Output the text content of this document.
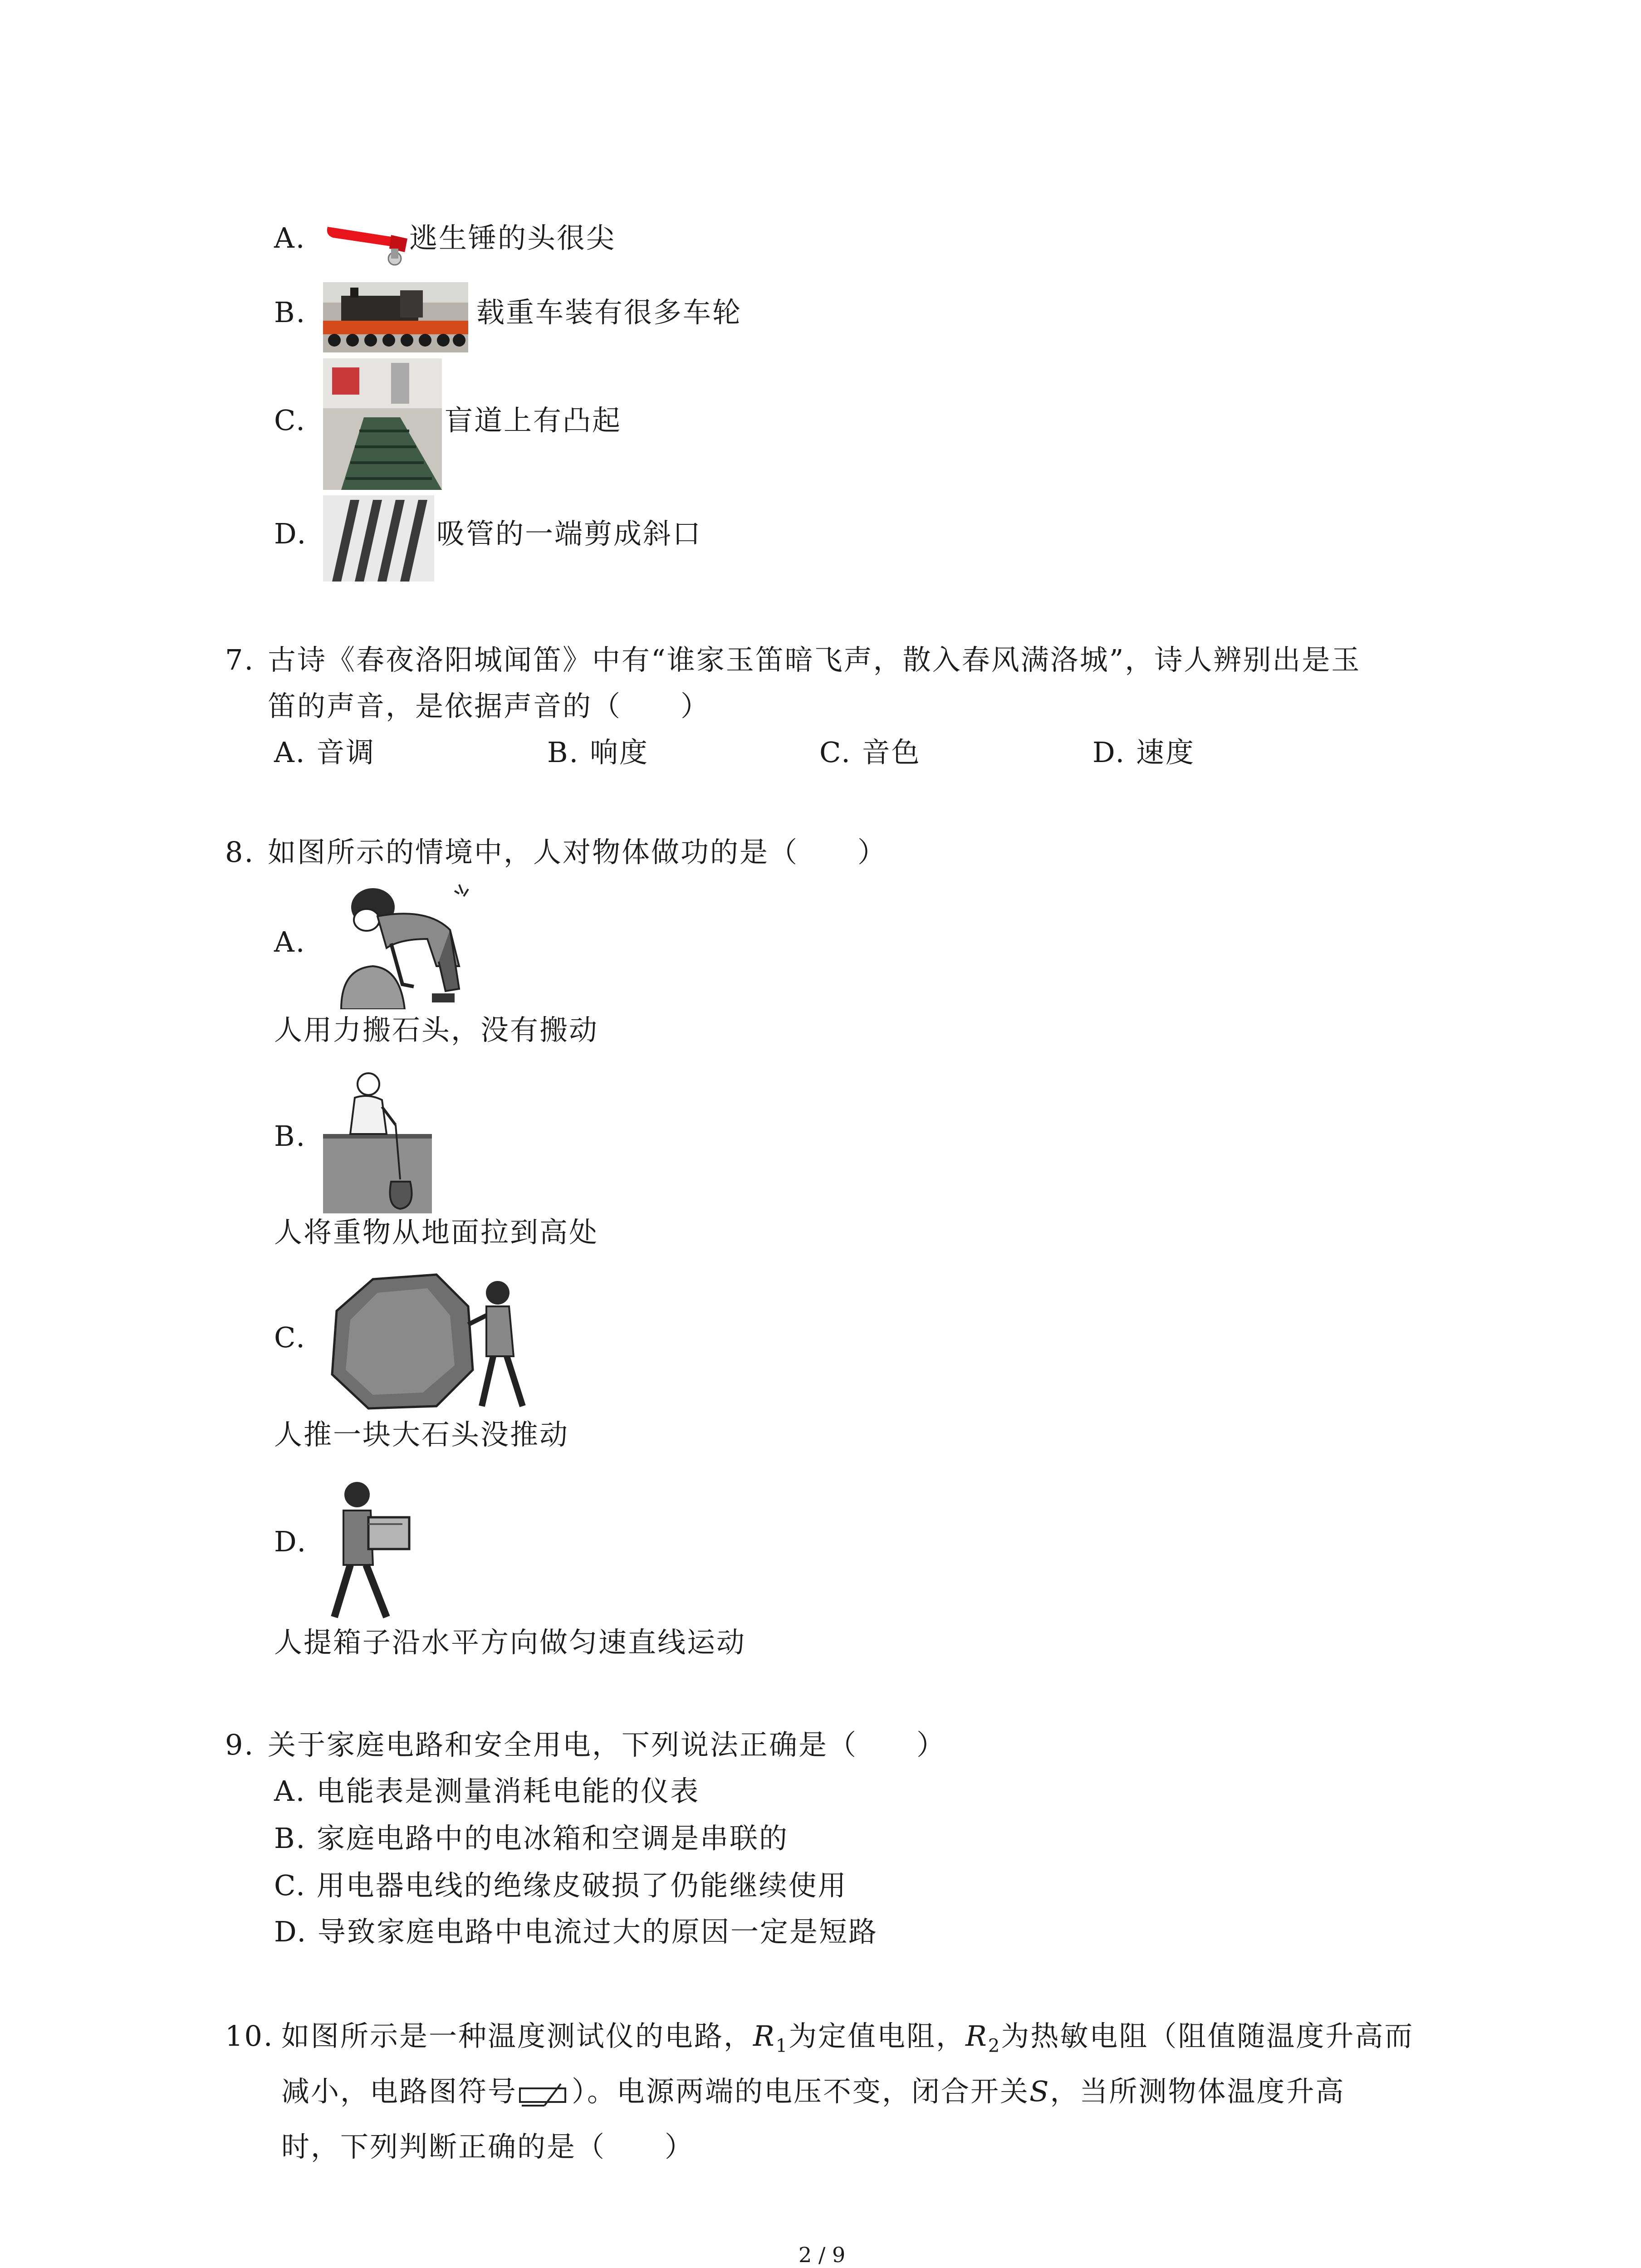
A.	逃生锤的头很尖
B.	载重车装有很多车轮
C.	盲道上有凸起
D.	吸管的一端剪成斜口
7. 古诗《春夜洛阳城闻笛》中有“谁家玉笛暗飞声，散入春风满洛城”，诗人辨别出是玉
笛的声音，是依据声音的（　　）
A. 音调	B. 响度	C. 音色	D. 速度
8. 如图所示的情境中，人对物体做功的是（　　）
A.
人用力搬石头，没有搬动
B.
人将重物从地面拉到高处
C.
人推一块大石头没推动
D.
人提箱子沿水平方向做匀速直线运动
9. 关于家庭电路和安全用电，下列说法正确是（　　）
A. 电能表是测量消耗电能的仪表
B. 家庭电路中的电冰箱和空调是串联的
C. 用电器电线的绝缘皮破损了仍能继续使用
D. 导致家庭电路中电流过大的原因一定是短路
10. 如图所示是一种温度测试仪的电路，$R_1$为定值电阻，$R_2$为热敏电阻（阻值随温度升高而
减小，电路图符号 ）。电源两端的电压不变，闭合开关S，当所测物体温度升高
时，下列判断正确的是（　　）
2 / 9
